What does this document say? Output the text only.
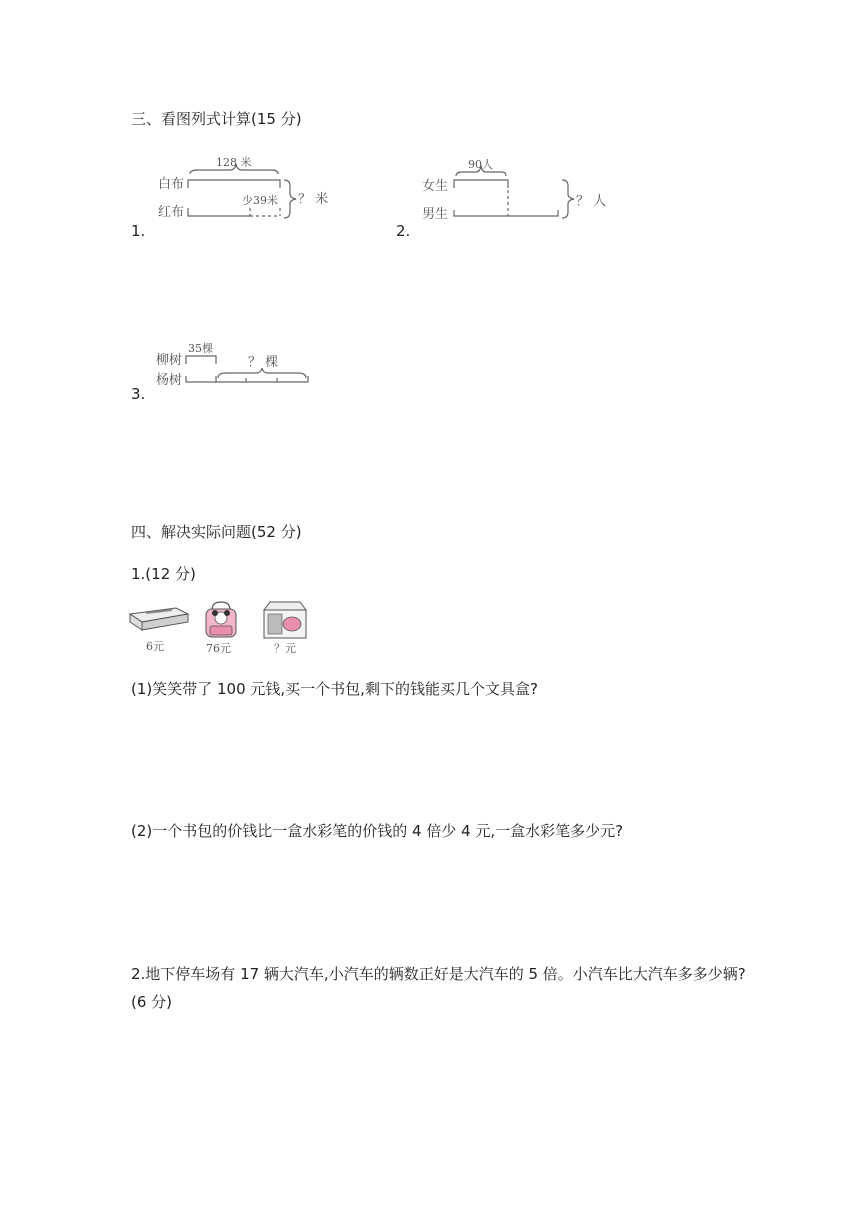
三、看图列式计算(15 分)
1.
白布
红布
128 米
少39米 ？ 米
2.
女生
男生
90人
？ 人
3.
柳树
杨树
35棵
？ 棵
四、解决实际问题(52 分)
1.(12 分)
6元	76元	？元
(1)笑笑带了 100 元钱,买一个书包,剩下的钱能买几个文具盒?
(2)一个书包的价钱比一盒水彩笔的价钱的 4 倍少 4 元,一盒水彩笔多少元?
2.地下停车场有 17 辆大汽车,小汽车的辆数正好是大汽车的 5 倍。小汽车比大汽车多多少辆?(6 分)
